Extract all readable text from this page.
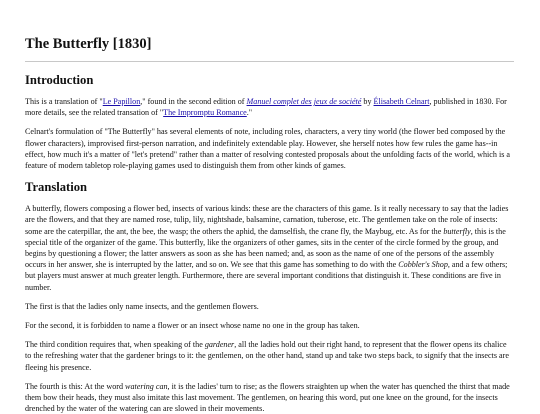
The Butterfly [1830]
Introduction

This is a translation of "Le Papillon," found in the second edition of Manuel complet des jeux de société by Élisabeth Celnart, published in 1830. For more details, see the related transation of "The Impromptu Romance."

Celnart's formulation of "The Butterfly" has several elements of note, including roles, characters, a very tiny world (the flower bed composed by the flower characters), improvised first-person narration, and indefinitely extendable play. However, she herself notes how few rules the game has--in effect, how much it's a matter of "let's pretend" rather than a matter of resolving contested proposals about the unfolding facts of the world, which is a feature of modern tabletop role-playing games used to distinguish them from other kinds of games.

Translation

A butterfly, flowers composing a flower bed, insects of various kinds: these are the characters of this game. Is it really necessary to say that the ladies are the flowers, and that they are named rose, tulip, lily, nightshade, balsamine, carnation, tuberose, etc. The gentlemen take on the role of insects: some are the caterpillar, the ant, the bee, the wasp; the others the aphid, the damselfish, the crane fly, the Maybug, etc. As for the butterfly, this is the special title of the organizer of the game. This butterfly, like the organizers of other games, sits in the center of the circle formed by the group, and begins by questioning a flower; the latter answers as soon as she has been named; and, as soon as the name of one of the persons of the assembly occurs in her answer, she is interrupted by the latter, and so on. We see that this game has something to do with the Cobbler's Shop, and a few others; but players must answer at much greater length. Furthermore, there are several important conditions that distinguish it. These conditions are five in number.

The first is that the ladies only name insects, and the gentlemen flowers.

For the second, it is forbidden to name a flower or an insect whose name no one in the group has taken.

The third condition requires that, when speaking of the gardener, all the ladies hold out their right hand, to represent that the flower opens its chalice to the refreshing water that the gardener brings to it: the gentlemen, on the other hand, stand up and take two steps back, to signify that the insects are fleeing his presence.

The fourth is this: At the word watering can, it is the ladies' turn to rise; as the flowers straighten up when the water has quenched the thirst that made them bow their heads, they must also imitate this last movement. The gentlemen, on hearing this word, put one knee on the ground, for the insects drenched by the water of the watering can are slowed in their movements.
